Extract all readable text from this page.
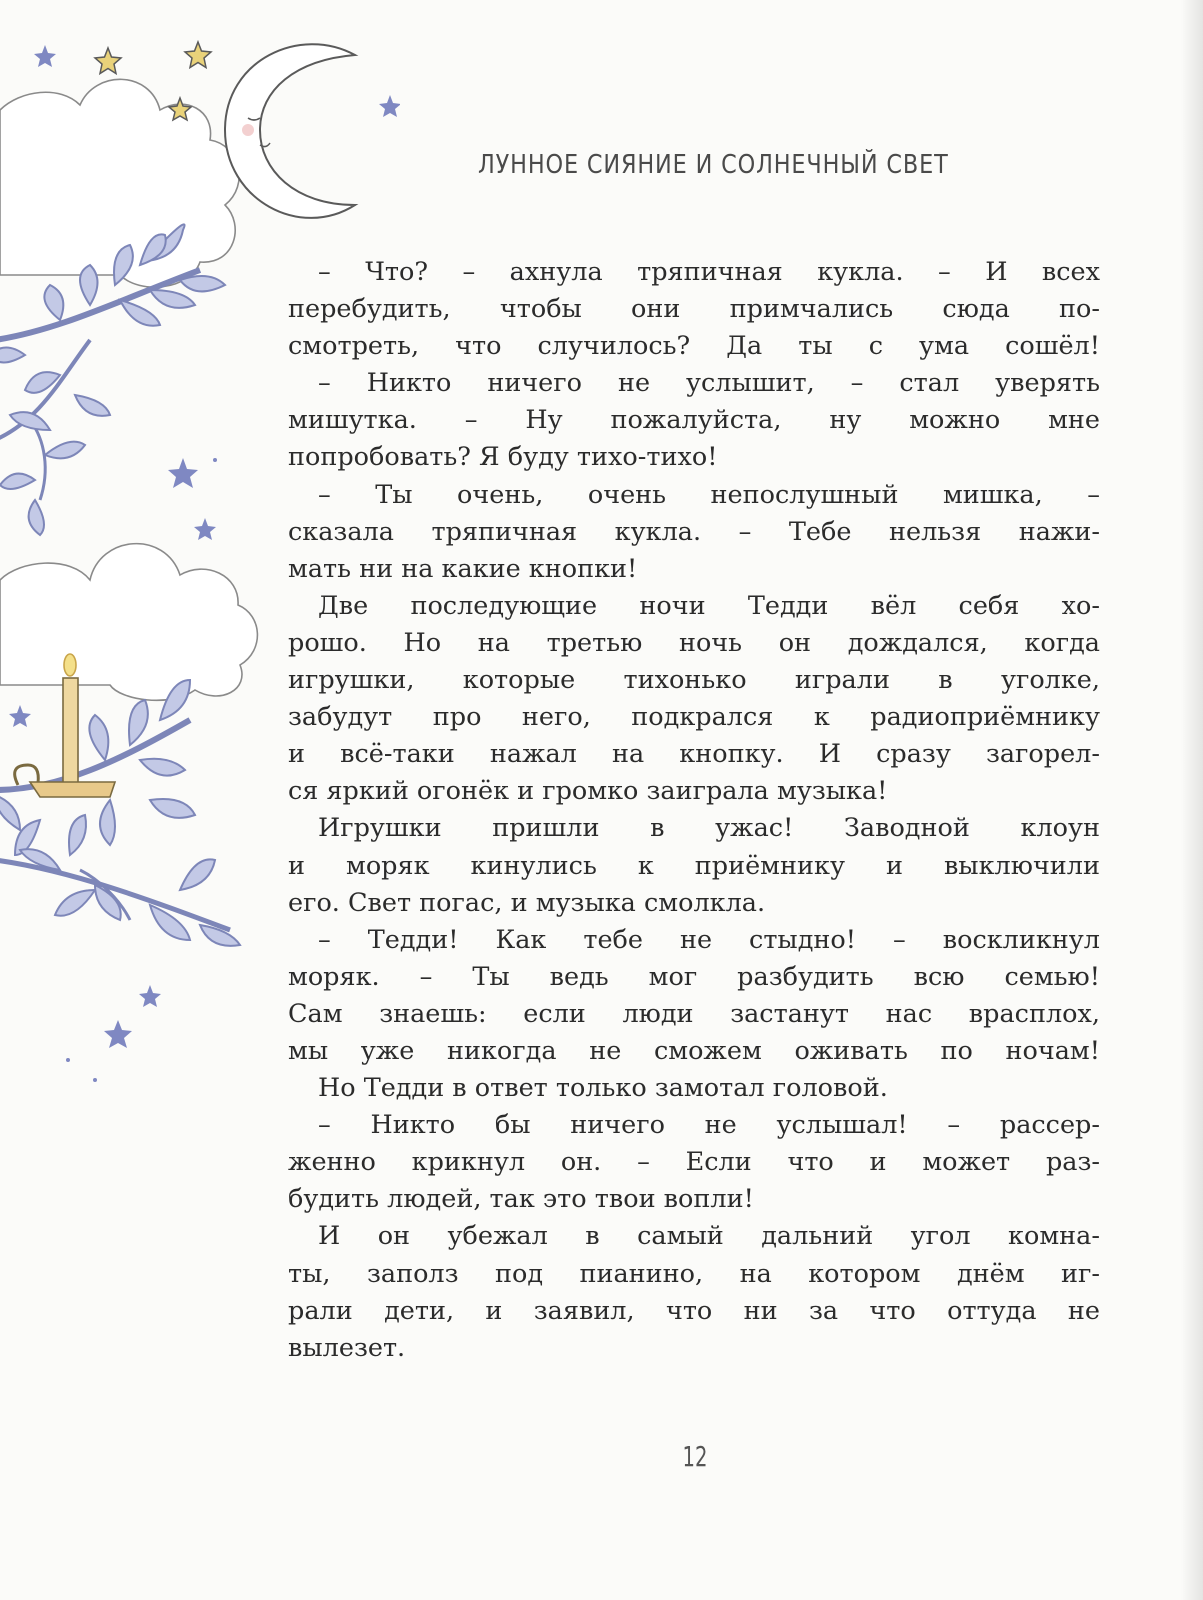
ЛУННОЕ СИЯНИЕ И СОЛНЕЧНЫЙ СВЕТ
– Что? – ахнула тряпичная кукла. – И всех
перебудить, чтобы они примчались сюда по-
смотреть, что случилось? Да ты с ума сошёл!
– Никто ничего не услышит, – стал уверять
мишутка. – Ну пожалуйста, ну можно мне
попробовать? Я буду тихо-тихо!
– Ты очень, очень непослушный мишка, –
сказала тряпичная кукла. – Тебе нельзя нажи-
мать ни на какие кнопки!
Две последующие ночи Тедди вёл себя хо-
рошо. Но на третью ночь он дождался, когда
игрушки, которые тихонько играли в уголке,
забудут про него, подкрался к радиоприёмнику
и всё-таки нажал на кнопку. И сразу загорел-
ся яркий огонёк и громко заиграла музыка!
Игрушки пришли в ужас! Заводной клоун
и моряк кинулись к приёмнику и выключили
его. Свет погас, и музыка смолкла.
– Тедди! Как тебе не стыдно! – воскликнул
моряк. – Ты ведь мог разбудить всю семью!
Сам знаешь: если люди застанут нас врасплох,
мы уже никогда не сможем оживать по ночам!
Но Тедди в ответ только замотал головой.
– Никто бы ничего не услышал! – рассер-
женно крикнул он. – Если что и может раз-
будить людей, так это твои вопли!
И он убежал в самый дальний угол комна-
ты, заполз под пианино, на котором днём иг-
рали дети, и заявил, что ни за что оттуда не
вылезет.
12
